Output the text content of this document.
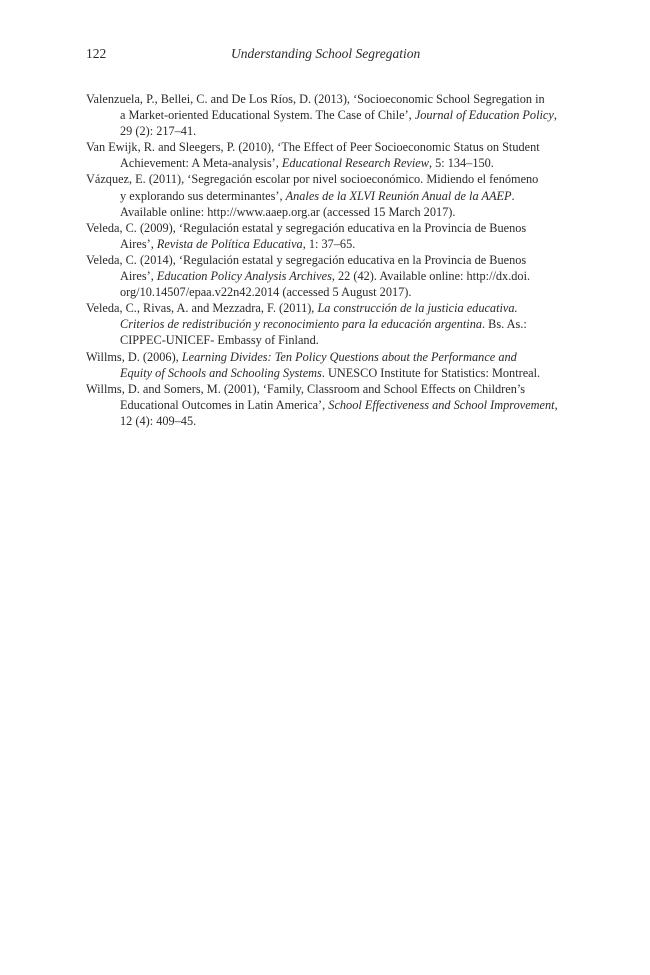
122	Understanding School Segregation

Valenzuela, P., Bellei, C. and De Los Ríos, D. (2013), ‘Socioeconomic School Segregation in
a Market-oriented Educational System. The Case of Chile’, Journal of Education Policy,
29 (2): 217–41.

Van Ewijk, R. and Sleegers, P. (2010), ‘The Effect of Peer Socioeconomic Status on Student
Achievement: A Meta-analysis’, Educational Research Review, 5: 134–150.

Vázquez, E. (2011), ‘Segregación escolar por nivel socioeconómico. Midiendo el fenómeno
y explorando sus determinantes’, Anales de la XLVI Reunión Anual de la AAEP.
Available online: http://www.aaep.org.ar (accessed 15 March 2017).

Veleda, C. (2009), ‘Regulación estatal y segregación educativa en la Provincia de Buenos
Aires’, Revista de Política Educativa, 1: 37–65.

Veleda, C. (2014), ‘Regulación estatal y segregación educativa en la Provincia de Buenos
Aires’, Education Policy Analysis Archives, 22 (42). Available online: http://dx.doi.
org/10.14507/epaa.v22n42.2014 (accessed 5 August 2017).

Veleda, C., Rivas, A. and Mezzadra, F. (2011), La construcción de la justicia educativa.
Criterios de redistribución y reconocimiento para la educación argentina. Bs. As.:
CIPPEC-UNICEF- Embassy of Finland.

Willms, D. (2006), Learning Divides: Ten Policy Questions about the Performance and
Equity of Schools and Schooling Systems. UNESCO Institute for Statistics: Montreal.

Willms, D. and Somers, M. (2001), ‘Family, Classroom and School Effects on Children’s
Educational Outcomes in Latin America’, School Effectiveness and School Improvement,
12 (4): 409–45.
